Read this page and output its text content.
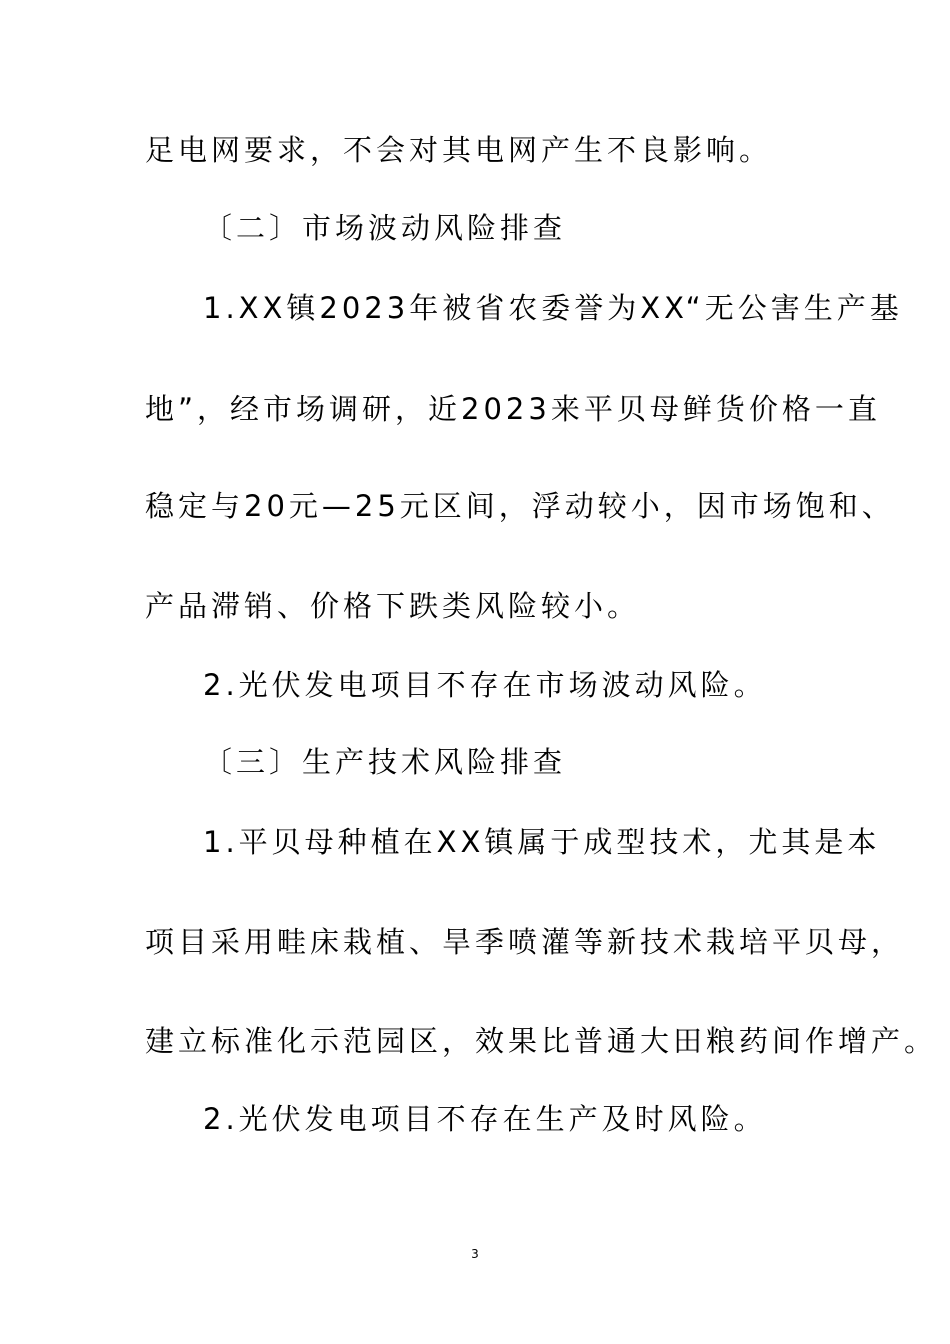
足电网要求，不会对其电网产生不良影响。
〔二〕市场波动风险排查
1.XX镇2023年被省农委誉为XX“无公害生产基
地”，经市场调研，近2023来平贝母鲜货价格一直
稳定与20元—25元区间，浮动较小，因市场饱和、
产品滞销、价格下跌类风险较小。
2.光伏发电项目不存在市场波动风险。
〔三〕生产技术风险排查
1.平贝母种植在XX镇属于成型技术，尤其是本
项目采用畦床栽植、旱季喷灌等新技术栽培平贝母，
建立标准化示范园区，效果比普通大田粮药间作增产。
2.光伏发电项目不存在生产及时风险。
3
